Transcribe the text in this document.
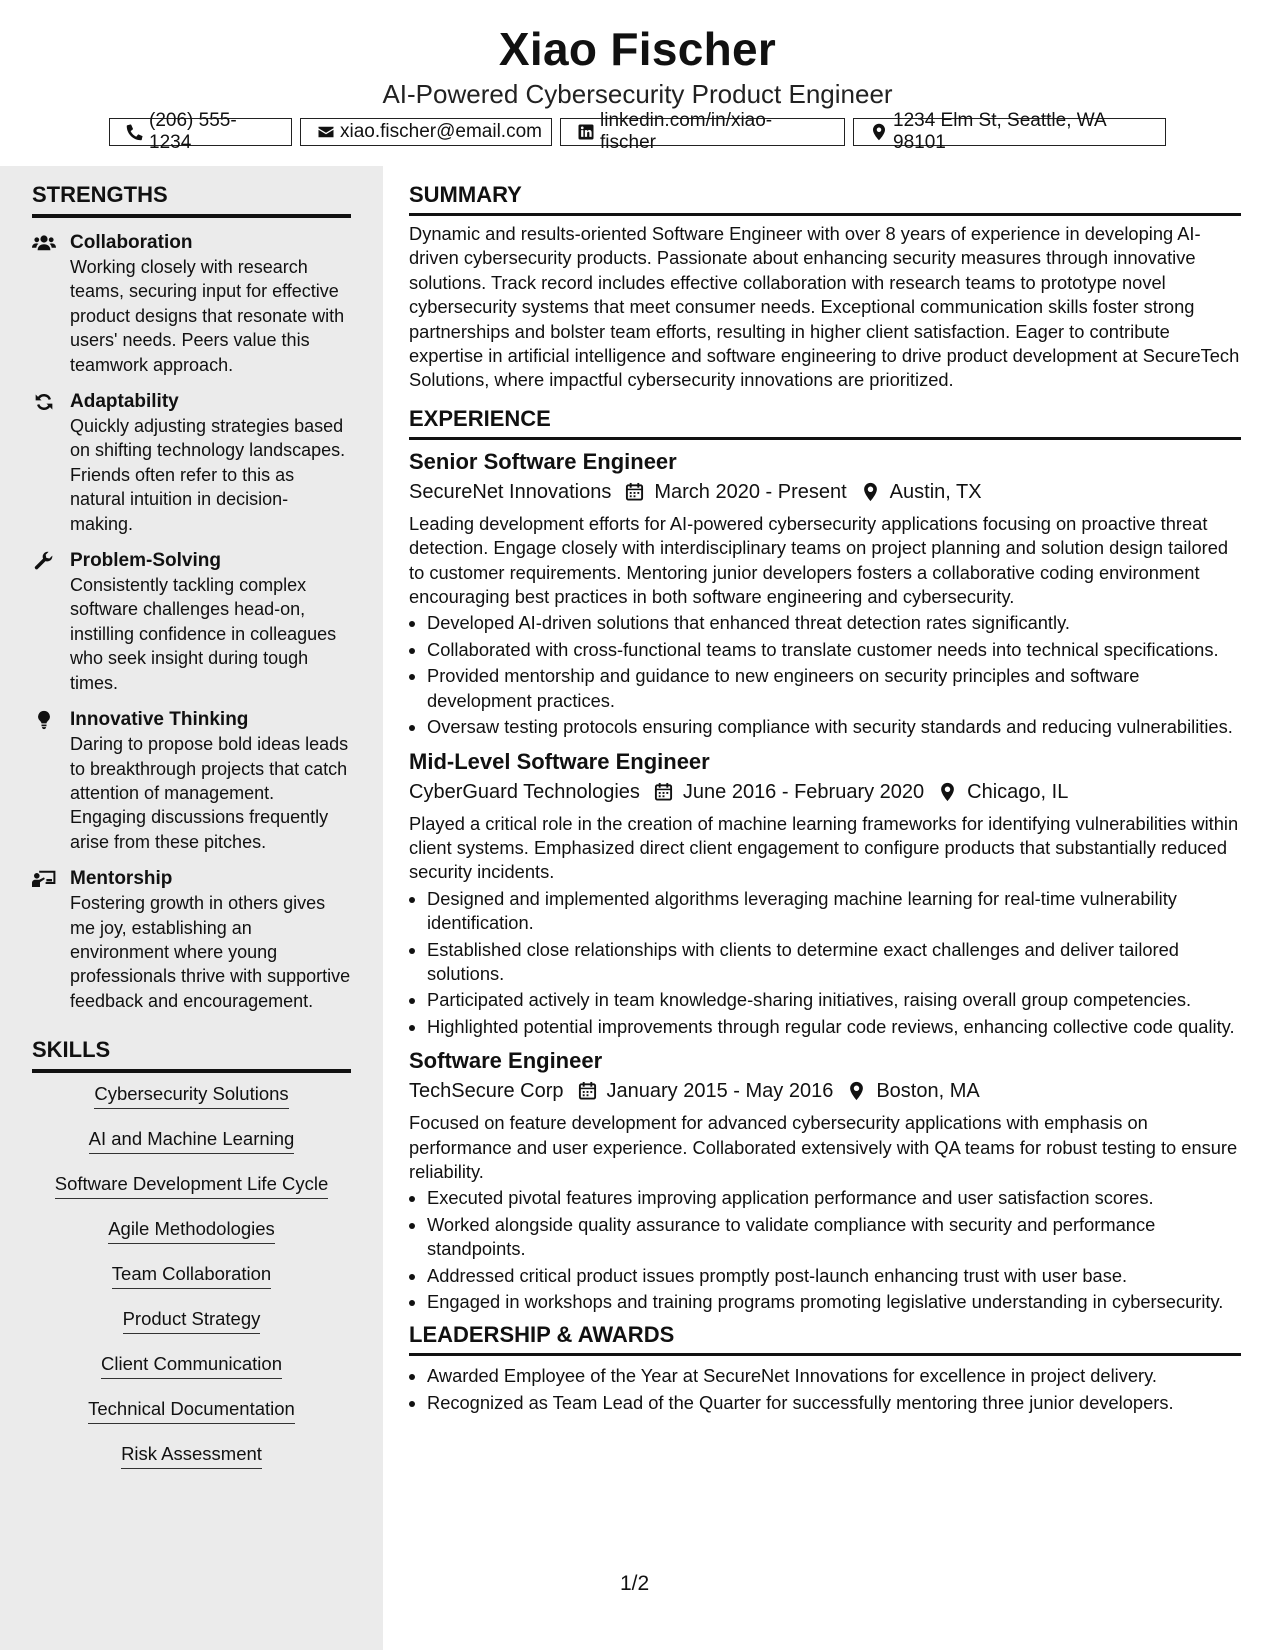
Xiao Fischer
AI-Powered Cybersecurity Product Engineer
(206) 555-1234
xiao.fischer@email.com
linkedin.com/in/xiao-fischer
1234 Elm St, Seattle, WA 98101
STRENGTHS
Collaboration
Working closely with research teams, securing input for effective product designs that resonate with users' needs. Peers value this teamwork approach.
Adaptability
Quickly adjusting strategies based on shifting technology landscapes. Friends often refer to this as natural intuition in decision-making.
Problem-Solving
Consistently tackling complex software challenges head-on, instilling confidence in colleagues who seek insight during tough times.
Innovative Thinking
Daring to propose bold ideas leads to breakthrough projects that catch attention of management. Engaging discussions frequently arise from these pitches.
Mentorship
Fostering growth in others gives me joy, establishing an environment where young professionals thrive with supportive feedback and encouragement.
SKILLS
Cybersecurity Solutions
AI and Machine Learning
Software Development Life Cycle
Agile Methodologies
Team Collaboration
Product Strategy
Client Communication
Technical Documentation
Risk Assessment
SUMMARY
Dynamic and results-oriented Software Engineer with over 8 years of experience in developing AI-driven cybersecurity products. Passionate about enhancing security measures through innovative solutions. Track record includes effective collaboration with research teams to prototype novel cybersecurity systems that meet consumer needs. Exceptional communication skills foster strong partnerships and bolster team efforts, resulting in higher client satisfaction. Eager to contribute expertise in artificial intelligence and software engineering to drive product development at SecureTech Solutions, where impactful cybersecurity innovations are prioritized.
EXPERIENCE
Senior Software Engineer
SecureNet Innovations March 2020 - Present Austin, TX
Leading development efforts for AI-powered cybersecurity applications focusing on proactive threat detection. Engage closely with interdisciplinary teams on project planning and solution design tailored to customer requirements. Mentoring junior developers fosters a collaborative coding environment encouraging best practices in both software engineering and cybersecurity.
• Developed AI-driven solutions that enhanced threat detection rates significantly.
• Collaborated with cross-functional teams to translate customer needs into technical specifications.
• Provided mentorship and guidance to new engineers on security principles and software development practices.
• Oversaw testing protocols ensuring compliance with security standards and reducing vulnerabilities.
Mid-Level Software Engineer
CyberGuard Technologies June 2016 - February 2020 Chicago, IL
Played a critical role in the creation of machine learning frameworks for identifying vulnerabilities within client systems. Emphasized direct client engagement to configure products that substantially reduced security incidents.
• Designed and implemented algorithms leveraging machine learning for real-time vulnerability identification.
• Established close relationships with clients to determine exact challenges and deliver tailored solutions.
• Participated actively in team knowledge-sharing initiatives, raising overall group competencies.
• Highlighted potential improvements through regular code reviews, enhancing collective code quality.
Software Engineer
TechSecure Corp January 2015 - May 2016 Boston, MA
Focused on feature development for advanced cybersecurity applications with emphasis on performance and user experience. Collaborated extensively with QA teams for robust testing to ensure reliability.
• Executed pivotal features improving application performance and user satisfaction scores.
• Worked alongside quality assurance to validate compliance with security and performance standpoints.
• Addressed critical product issues promptly post-launch enhancing trust with user base.
• Engaged in workshops and training programs promoting legislative understanding in cybersecurity.
LEADERSHIP & AWARDS
• Awarded Employee of the Year at SecureNet Innovations for excellence in project delivery.
• Recognized as Team Lead of the Quarter for successfully mentoring three junior developers.
1/2
